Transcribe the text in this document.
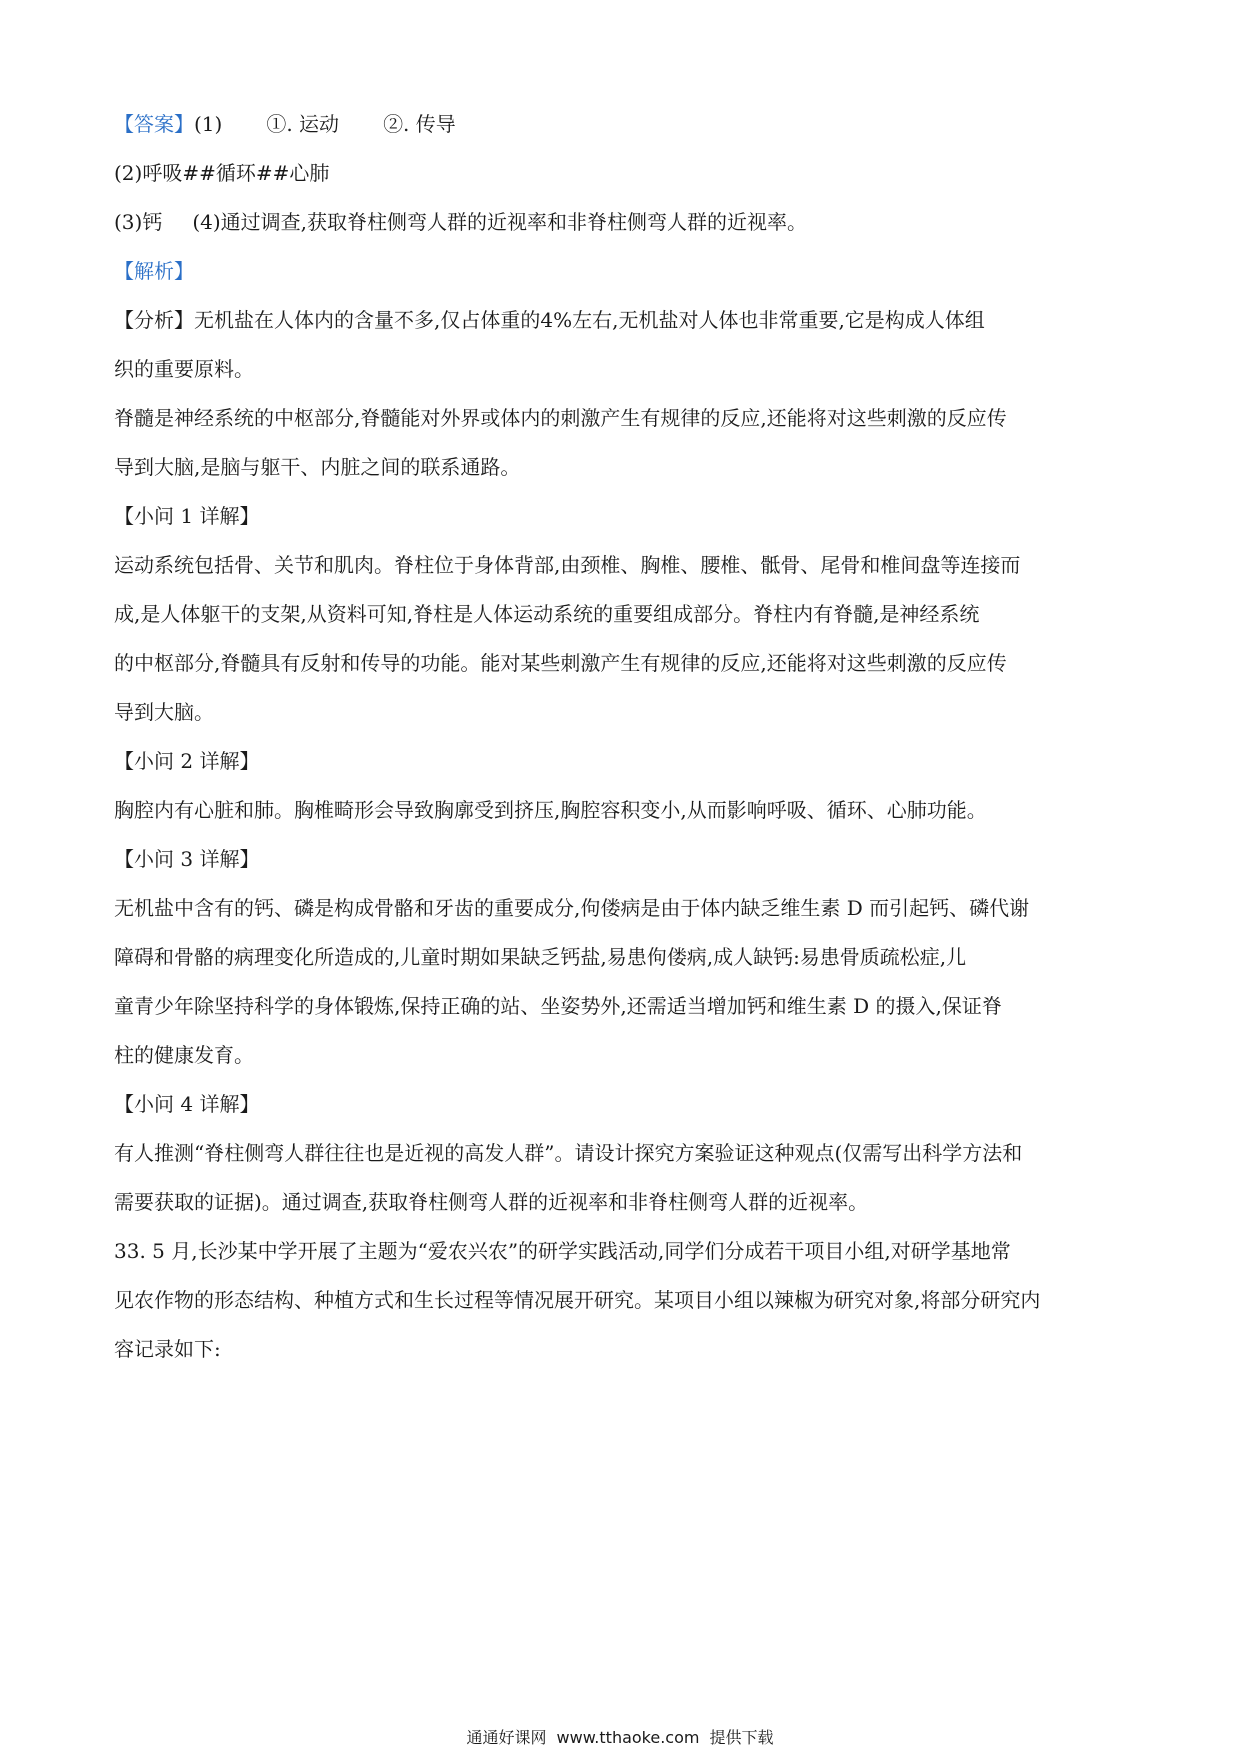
【答案】(1) ①. 运动 ②. 传导
(2)呼吸##循环##心肺
(3)钙 (4)通过调查,获取脊柱侧弯人群的近视率和非脊柱侧弯人群的近视率。
【解析】
【分析】无机盐在人体内的含量不多,仅占体重的4%左右,无机盐对人体也非常重要,它是构成人体组
织的重要原料。
脊髓是神经系统的中枢部分,脊髓能对外界或体内的刺激产生有规律的反应,还能将对这些刺激的反应传
导到大脑,是脑与躯干、内脏之间的联系通路。
【小问 1 详解】
运动系统包括骨、关节和肌肉。脊柱位于身体背部,由颈椎、胸椎、腰椎、骶骨、尾骨和椎间盘等连接而
成,是人体躯干的支架,从资料可知,脊柱是人体运动系统的重要组成部分。脊柱内有脊髓,是神经系统
的中枢部分,脊髓具有反射和传导的功能。能对某些刺激产生有规律的反应,还能将对这些刺激的反应传
导到大脑。
【小问 2 详解】
胸腔内有心脏和肺。胸椎畸形会导致胸廓受到挤压,胸腔容积变小,从而影响呼吸、循环、心肺功能。
【小问 3 详解】
无机盐中含有的钙、磷是构成骨骼和牙齿的重要成分,佝偻病是由于体内缺乏维生素 D 而引起钙、磷代谢
障碍和骨骼的病理变化所造成的,儿童时期如果缺乏钙盐,易患佝偻病,成人缺钙:易患骨质疏松症,儿
童青少年除坚持科学的身体锻炼,保持正确的站、坐姿势外,还需适当增加钙和维生素 D 的摄入,保证脊
柱的健康发育。
【小问 4 详解】
有人推测“脊柱侧弯人群往往也是近视的高发人群”。请设计探究方案验证这种观点(仅需写出科学方法和
需要获取的证据)。通过调查,获取脊柱侧弯人群的近视率和非脊柱侧弯人群的近视率。
33. 5 月,长沙某中学开展了主题为“爱农兴农”的研学实践活动,同学们分成若干项目小组,对研学基地常
见农作物的形态结构、种植方式和生长过程等情况展开研究。某项目小组以辣椒为研究对象,将部分研究内
容记录如下:
通通好课网 www.tthaoke.com 提供下载
